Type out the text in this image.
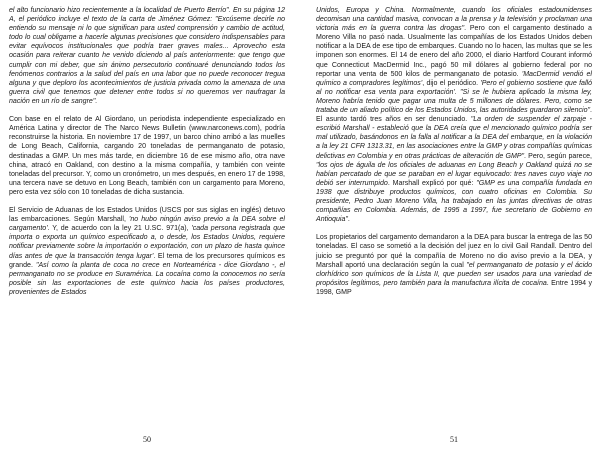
el alto funcionario hizo recientemente a la localidad de Puerto Berrío". En su página 12 A, el periódico incluye el texto de la carta de Jiménez Gómez: "Excúseme decirle no entiendo su mensaje ni lo que significan para usted comprensión y cambio de actitud, todo lo cual obligame a hacerle algunas precisiones que considero indispensables para evitar equívocos institucionales que podría traer graves males... Aprovecho esta ocasión para reiterar cuanto he venido diciendo al país anteriormente: que tengo que cumplir con mi deber, que sin ánimo persecutorio continuaré denunciando todos los fenómenos contrarios a la salud del país en una labor que no puede reconocer tregua alguna y que deploro los acontecimientos de justicia privada como la amenaza de una guerra civil que tenemos que detener entre todos si no queremos ver naufragar la nación en un río de sangre".

Con base en el relato de Al Giordano, un periodista independiente especializado en América Latina y director de The Narco News Bulletin (www.narconews.com), podría reconstruirse la historia. En noviembre 17 de 1997, un barco chino arribó a las muelles de Long Beach, California, cargando 20 toneladas de permanganato de potasio, destinadas a GMP. Un mes más tarde, en diciembre 16 de ese mismo año, otra nave china, atracó en Oakland, con destino a la misma compañía, y también con veinte toneladas del precursor. Y, como un cronómetro, un mes después, en enero 17 de 1998, una tercera nave se detuvo en Long Beach, también con un cargamento para Moreno, pero esta vez sólo con 10 toneladas de dicha sustancia.

El Servicio de Aduanas de los Estados Unidos (USCS por sus siglas en inglés) detuvo las embarcaciones. Según Marshall, 'no hubo ningún aviso previo a la DEA sobre el cargamento'. Y, de acuerdo con la ley 21 U.SC. 971(a), 'cada persona registrada que importa o exporta un químico especificado a, o desde, los Estados Unidos, requiere notificar previamente sobre la importación o exportación, con un plazo de hasta quince días antes de que la transacción tenga lugar'. El tema de los precursores químicos es grande. "Así como la planta de coca no crece en Norteamérica - dice Giordano -, el permanganato no se produce en Suramérica. La cocaína como la conocemos no sería posible sin las exportaciones de este químico hacia los países productores, provenientes de Estados

50

Unidos, Europa y China. Normalmente, cuando los oficiales estadounidenses decomisan una cantidad masiva, convocan a la prensa y la televisión y proclaman una victoria más en la guerra contra las drogas". Pero con el cargamento destinado a Moreno Villa no pasó nada. Usualmente las compañías de los Estados Unidos deben notificar a la DEA de ese tipo de embarques. Cuando no lo hacen, las multas que se les imponen son enormes. El 14 de enero del año 2000, el diario Hartford Courant informó que Connecticut MacDermid Inc., pagó 50 mil dólares al gobierno federal por no reportar una venta de 500 kilos de permanganato de potasio. 'MacDermid vendió el químico a compradores legítimos', dijo el periódico. 'Pero el gobierno sostiene que falló al no notificar esa venta para exportación'. "Si se le hubiera aplicado la misma ley, Moreno habría tenido que pagar una multa de 5 millones de dólares. Pero, como se trataba de un aliado político de los Estados Unidos, las autoridades guardaron silencio". El asunto tardó tres años en ser denunciado. "La orden de suspender el zarpaje - escribió Marshall - estableció que la DEA creía que el mencionado químico podría ser mal utilizado, basándonos en la falla al notificar a la DEA del embarque, en la violación a la ley 21 CFR 1313.31, en las asociaciones entre la GMP y otras compañías químicas delictivas en Colombia y en otras prácticas de alteración de GMP". Pero, según parece, "los ojos de águila de los oficiales de aduanas en Long Beach y Oakland quizá no se habían percatado de que se paraban en el lugar equivocado: tres naves cuyo viaje no debió ser interrumpido. Marshall explicó por qué: "GMP es una compañía fundada en 1938 que distribuye productos químicos, con cuatro oficinas en Colombia. Su presidente, Pedro Juan Moreno Villa, ha trabajado en las juntas directivas de otras compañías en Colombia. Además, de 1995 a 1997, fue secretario de Gobierno en Antioquia".

Los propietarios del cargamento demandaron a la DEA para buscar la entrega de las 50 toneladas. El caso se sometió a la decisión del juez en lo civil Gail Randall. Dentro del juicio se preguntó por qué la compañía de Moreno no dio aviso previo a la DEA, y Marshall aportó una declaración según la cual "el permanganato de potasio y el ácido clorhídrico son químicos de la Lista II, que pueden ser usados para una variedad de propósitos legítimos, pero también para la manufactura ilícita de cocaína. Entre 1994 y 1998, GMP

51
